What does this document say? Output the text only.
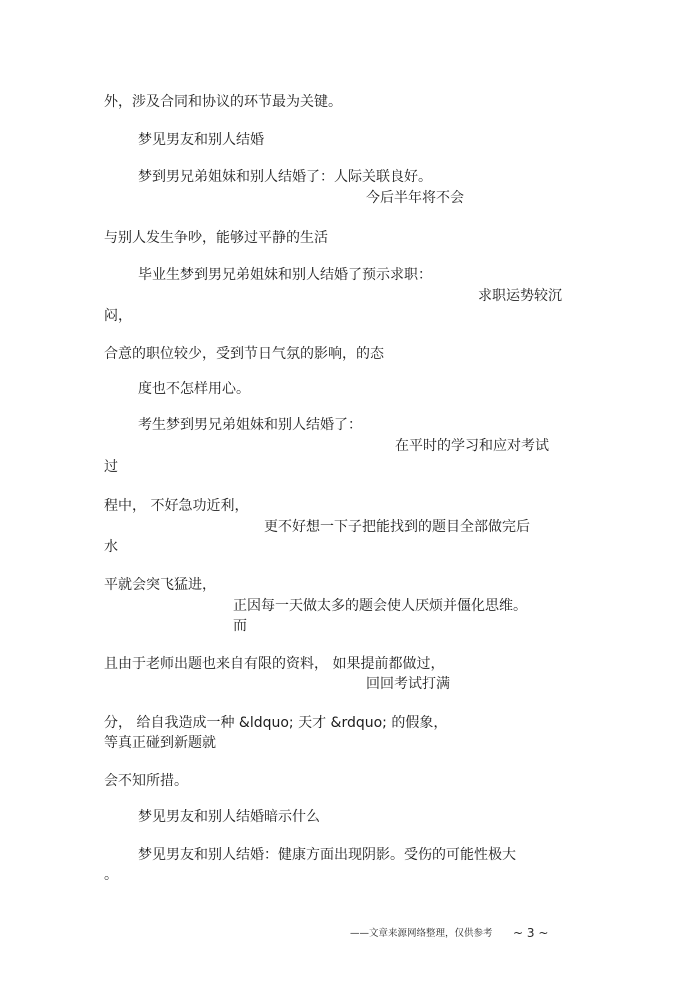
外，涉及合同和协议的环节最为关键。
梦见男友和别人结婚
梦到男兄弟姐妹和别人结婚了：人际关联良好。
今后半年将不会
与别人发生争吵，能够过平静的生活
毕业生梦到男兄弟姐妹和别人结婚了预示求职：
求职运势较沉
闷，
合意的职位较少，受到节日气氛的影响，的态
度也不怎样用心。
考生梦到男兄弟姐妹和别人结婚了：
在平时的学习和应对考试
过
程中， 不好急功近利，
更不好想一下子把能找到的题目全部做完后
水
平就会突飞猛进，
正因每一天做太多的题会使人厌烦并僵化思维。
而
且由于老师出题也来自有限的资料， 如果提前都做过，
回回考试打满
分， 给自我造成一种 &ldquo; 天才 &rdquo; 的假象，
等真正碰到新题就
会不知所措。
梦见男友和别人结婚暗示什么
梦见男友和别人结婚：健康方面出现阴影。受伤的可能性极大
。
——文章来源网络整理，仅供参考 ~ 3 ~
